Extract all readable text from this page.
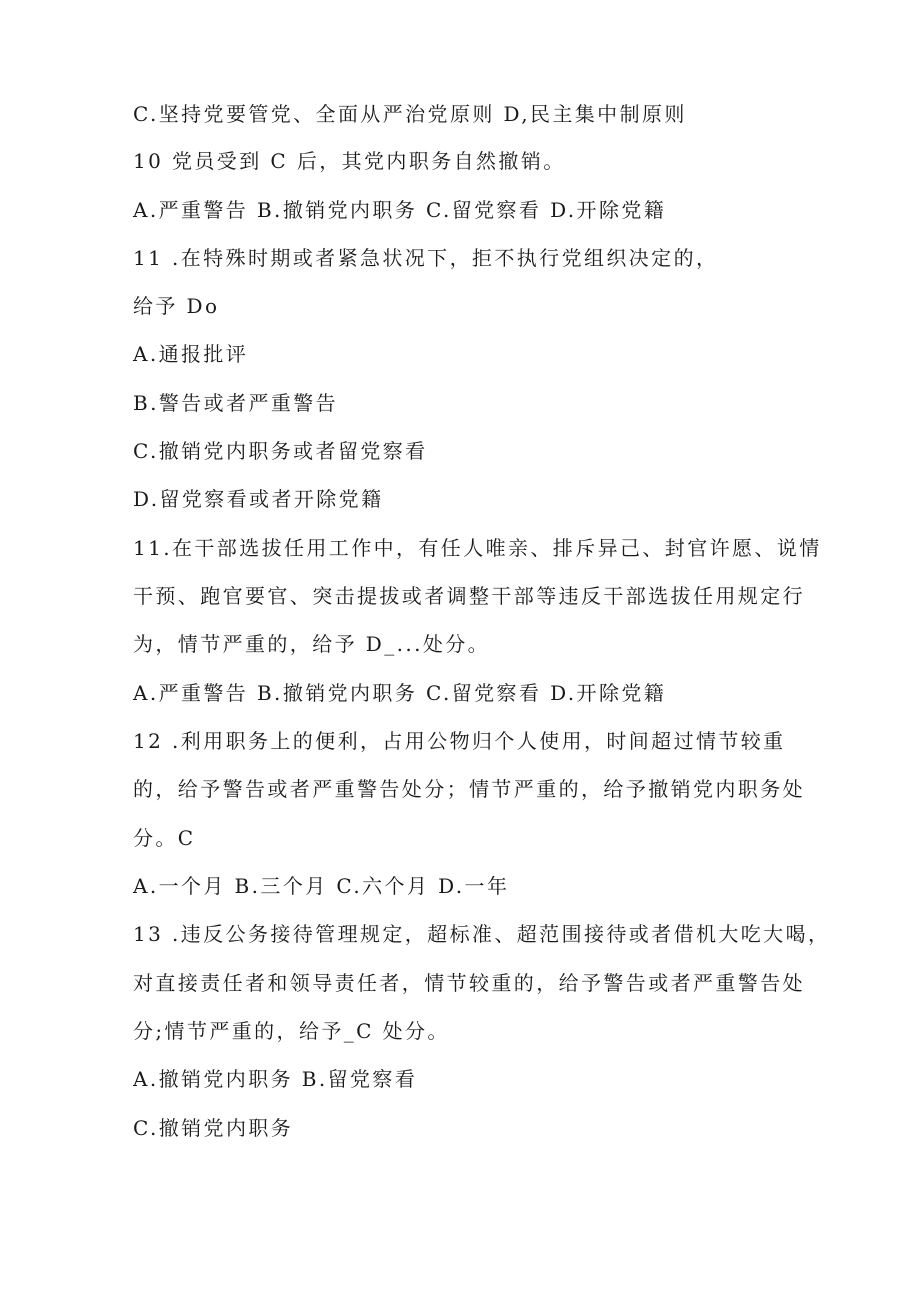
C.坚持党要管党、全面从严治党原则 D,民主集中制原则
10 党员受到 C 后，其党内职务自然撤销。
A.严重警告 B.撤销党内职务 C.留党察看 D.开除党籍
11 .在特殊时期或者紧急状况下，拒不执行党组织决定的，
给予 Do
A.通报批评
B.警告或者严重警告
C.撤销党内职务或者留党察看
D.留党察看或者开除党籍
11.在干部选拔任用工作中，有任人唯亲、排斥异己、封官许愿、说情
干预、跑官要官、突击提拔或者调整干部等违反干部选拔任用规定行
为，情节严重的，给予 D_...处分。
A.严重警告 B.撤销党内职务 C.留党察看 D.开除党籍
12 .利用职务上的便利，占用公物归个人使用，时间超过情节较重
的，给予警告或者严重警告处分；情节严重的，给予撤销党内职务处
分。C
A.一个月 B.三个月 C.六个月 D.一年
13 .违反公务接待管理规定，超标准、超范围接待或者借机大吃大喝，
对直接责任者和领导责任者，情节较重的，给予警告或者严重警告处
分;情节严重的，给予_C 处分。
A.撤销党内职务 B.留党察看
C.撤销党内职务
